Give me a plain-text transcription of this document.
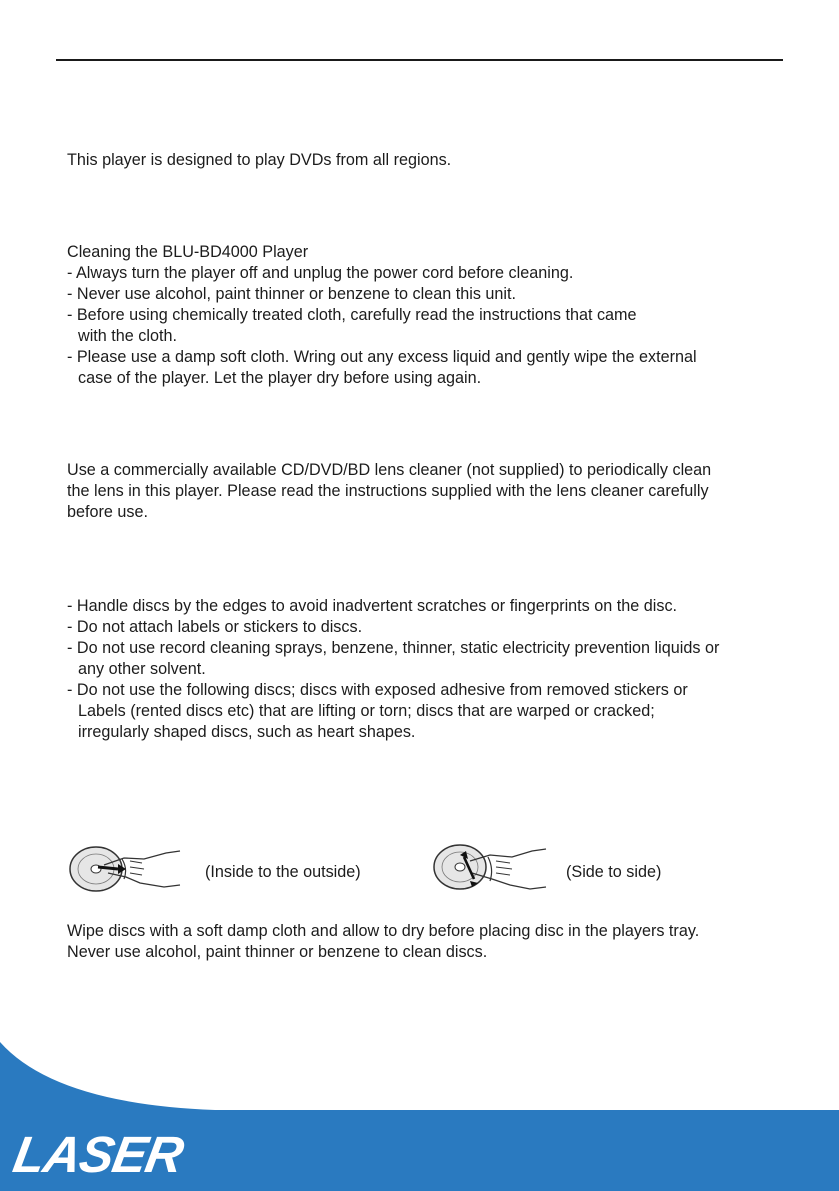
This player is designed to play DVDs from all regions.

Cleaning the BLU-BD4000 Player
- Always turn the player off and unplug the power cord before cleaning.
- Never use alcohol, paint thinner or benzene to clean this unit.
- Before using chemically treated cloth, carefully read the instructions that came
with the cloth.
- Please use a damp soft cloth. Wring out any excess liquid and gently wipe the external
case of the player. Let the player dry before using again.
Use a commercially available CD/DVD/BD lens cleaner (not supplied) to periodically clean
the lens in this player. Please read the instructions supplied with the lens cleaner carefully
before use.
- Handle discs by the edges to avoid inadvertent scratches or fingerprints on the disc.
- Do not attach labels or stickers to discs.
- Do not use record cleaning sprays, benzene, thinner, static electricity prevention liquids or
any other solvent.
- Do not use the following discs; discs with exposed adhesive from removed stickers or
Labels (rented discs etc) that are lifting or torn; discs that are warped or cracked;
irregularly shaped discs, such as heart shapes.
(Inside to the outside)	(Side to side)
Wipe discs with a soft damp cloth and allow to dry before placing disc in the players tray.
Never use alcohol, paint thinner or benzene to clean discs.
LASER
